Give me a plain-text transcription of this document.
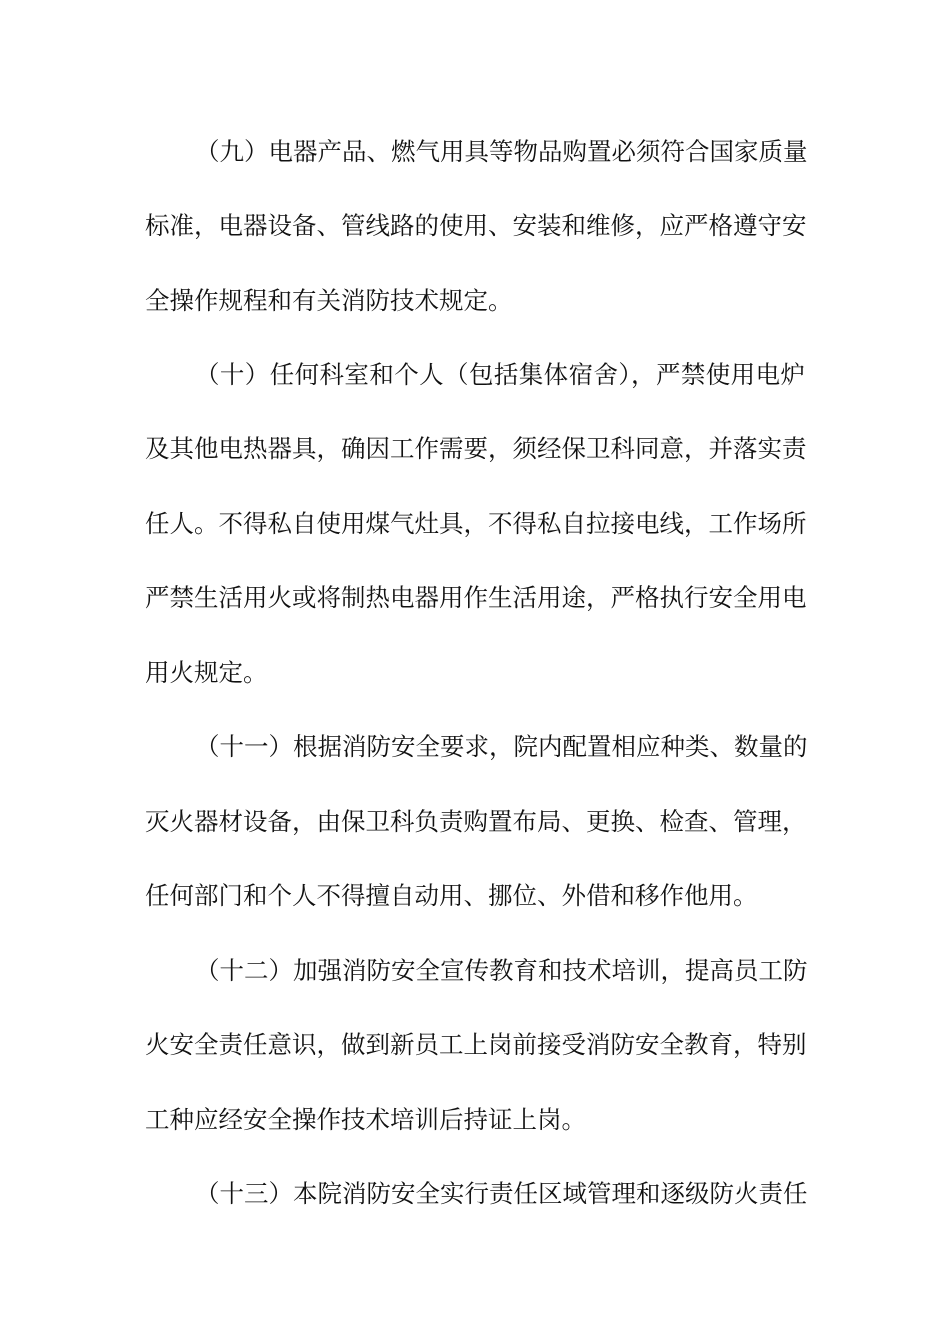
（九）电器产品、燃气用具等物品购置必须符合国家质量
标准，电器设备、管线路的使用、安装和维修，应严格遵守安
全操作规程和有关消防技术规定。
（十）任何科室和个人（包括集体宿舍），严禁使用电炉
及其他电热器具，确因工作需要，须经保卫科同意，并落实责
任人。不得私自使用煤气灶具，不得私自拉接电线，工作场所
严禁生活用火或将制热电器用作生活用途，严格执行安全用电
用火规定。
（十一）根据消防安全要求，院内配置相应种类、数量的
灭火器材设备，由保卫科负责购置布局、更换、检查、管理，
任何部门和个人不得擅自动用、挪位、外借和移作他用。
（十二）加强消防安全宣传教育和技术培训，提高员工防
火安全责任意识，做到新员工上岗前接受消防安全教育，特别
工种应经安全操作技术培训后持证上岗。
（十三）本院消防安全实行责任区域管理和逐级防火责任
